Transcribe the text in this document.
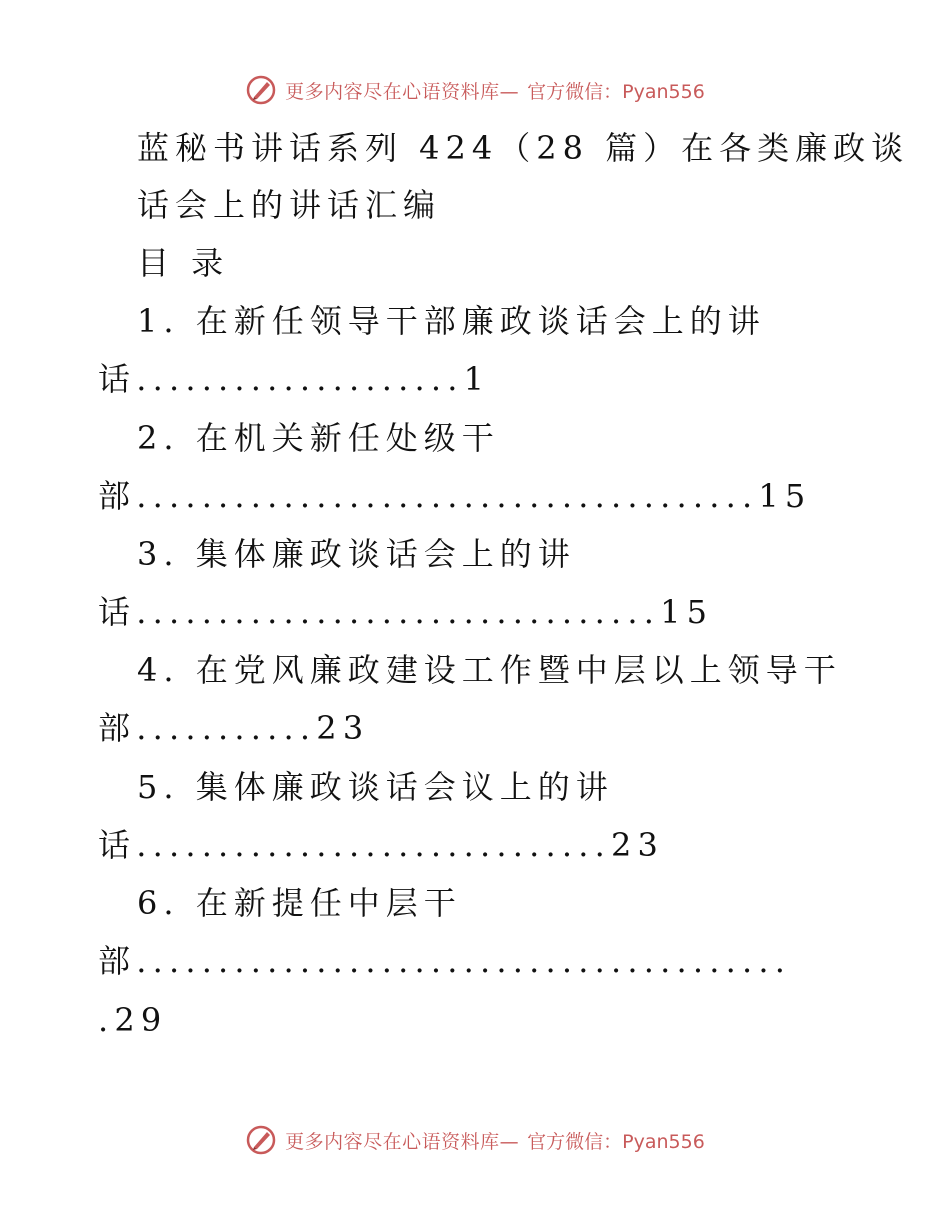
更多内容尽在心语资料库— 官方微信：Pyan556
蓝秘书讲话系列 424（28 篇）在各类廉政谈
话会上的讲话汇编
目 录
1. 在新任领导干部廉政谈话会上的讲
话....................1
2. 在机关新任处级干
部......................................15
3. 集体廉政谈话会上的讲
话................................15
4. 在党风廉政建设工作暨中层以上领导干
部...........23
5. 集体廉政谈话会议上的讲
话.............................23
6. 在新提任中层干
部........................................
.29
更多内容尽在心语资料库— 官方微信：Pyan556
